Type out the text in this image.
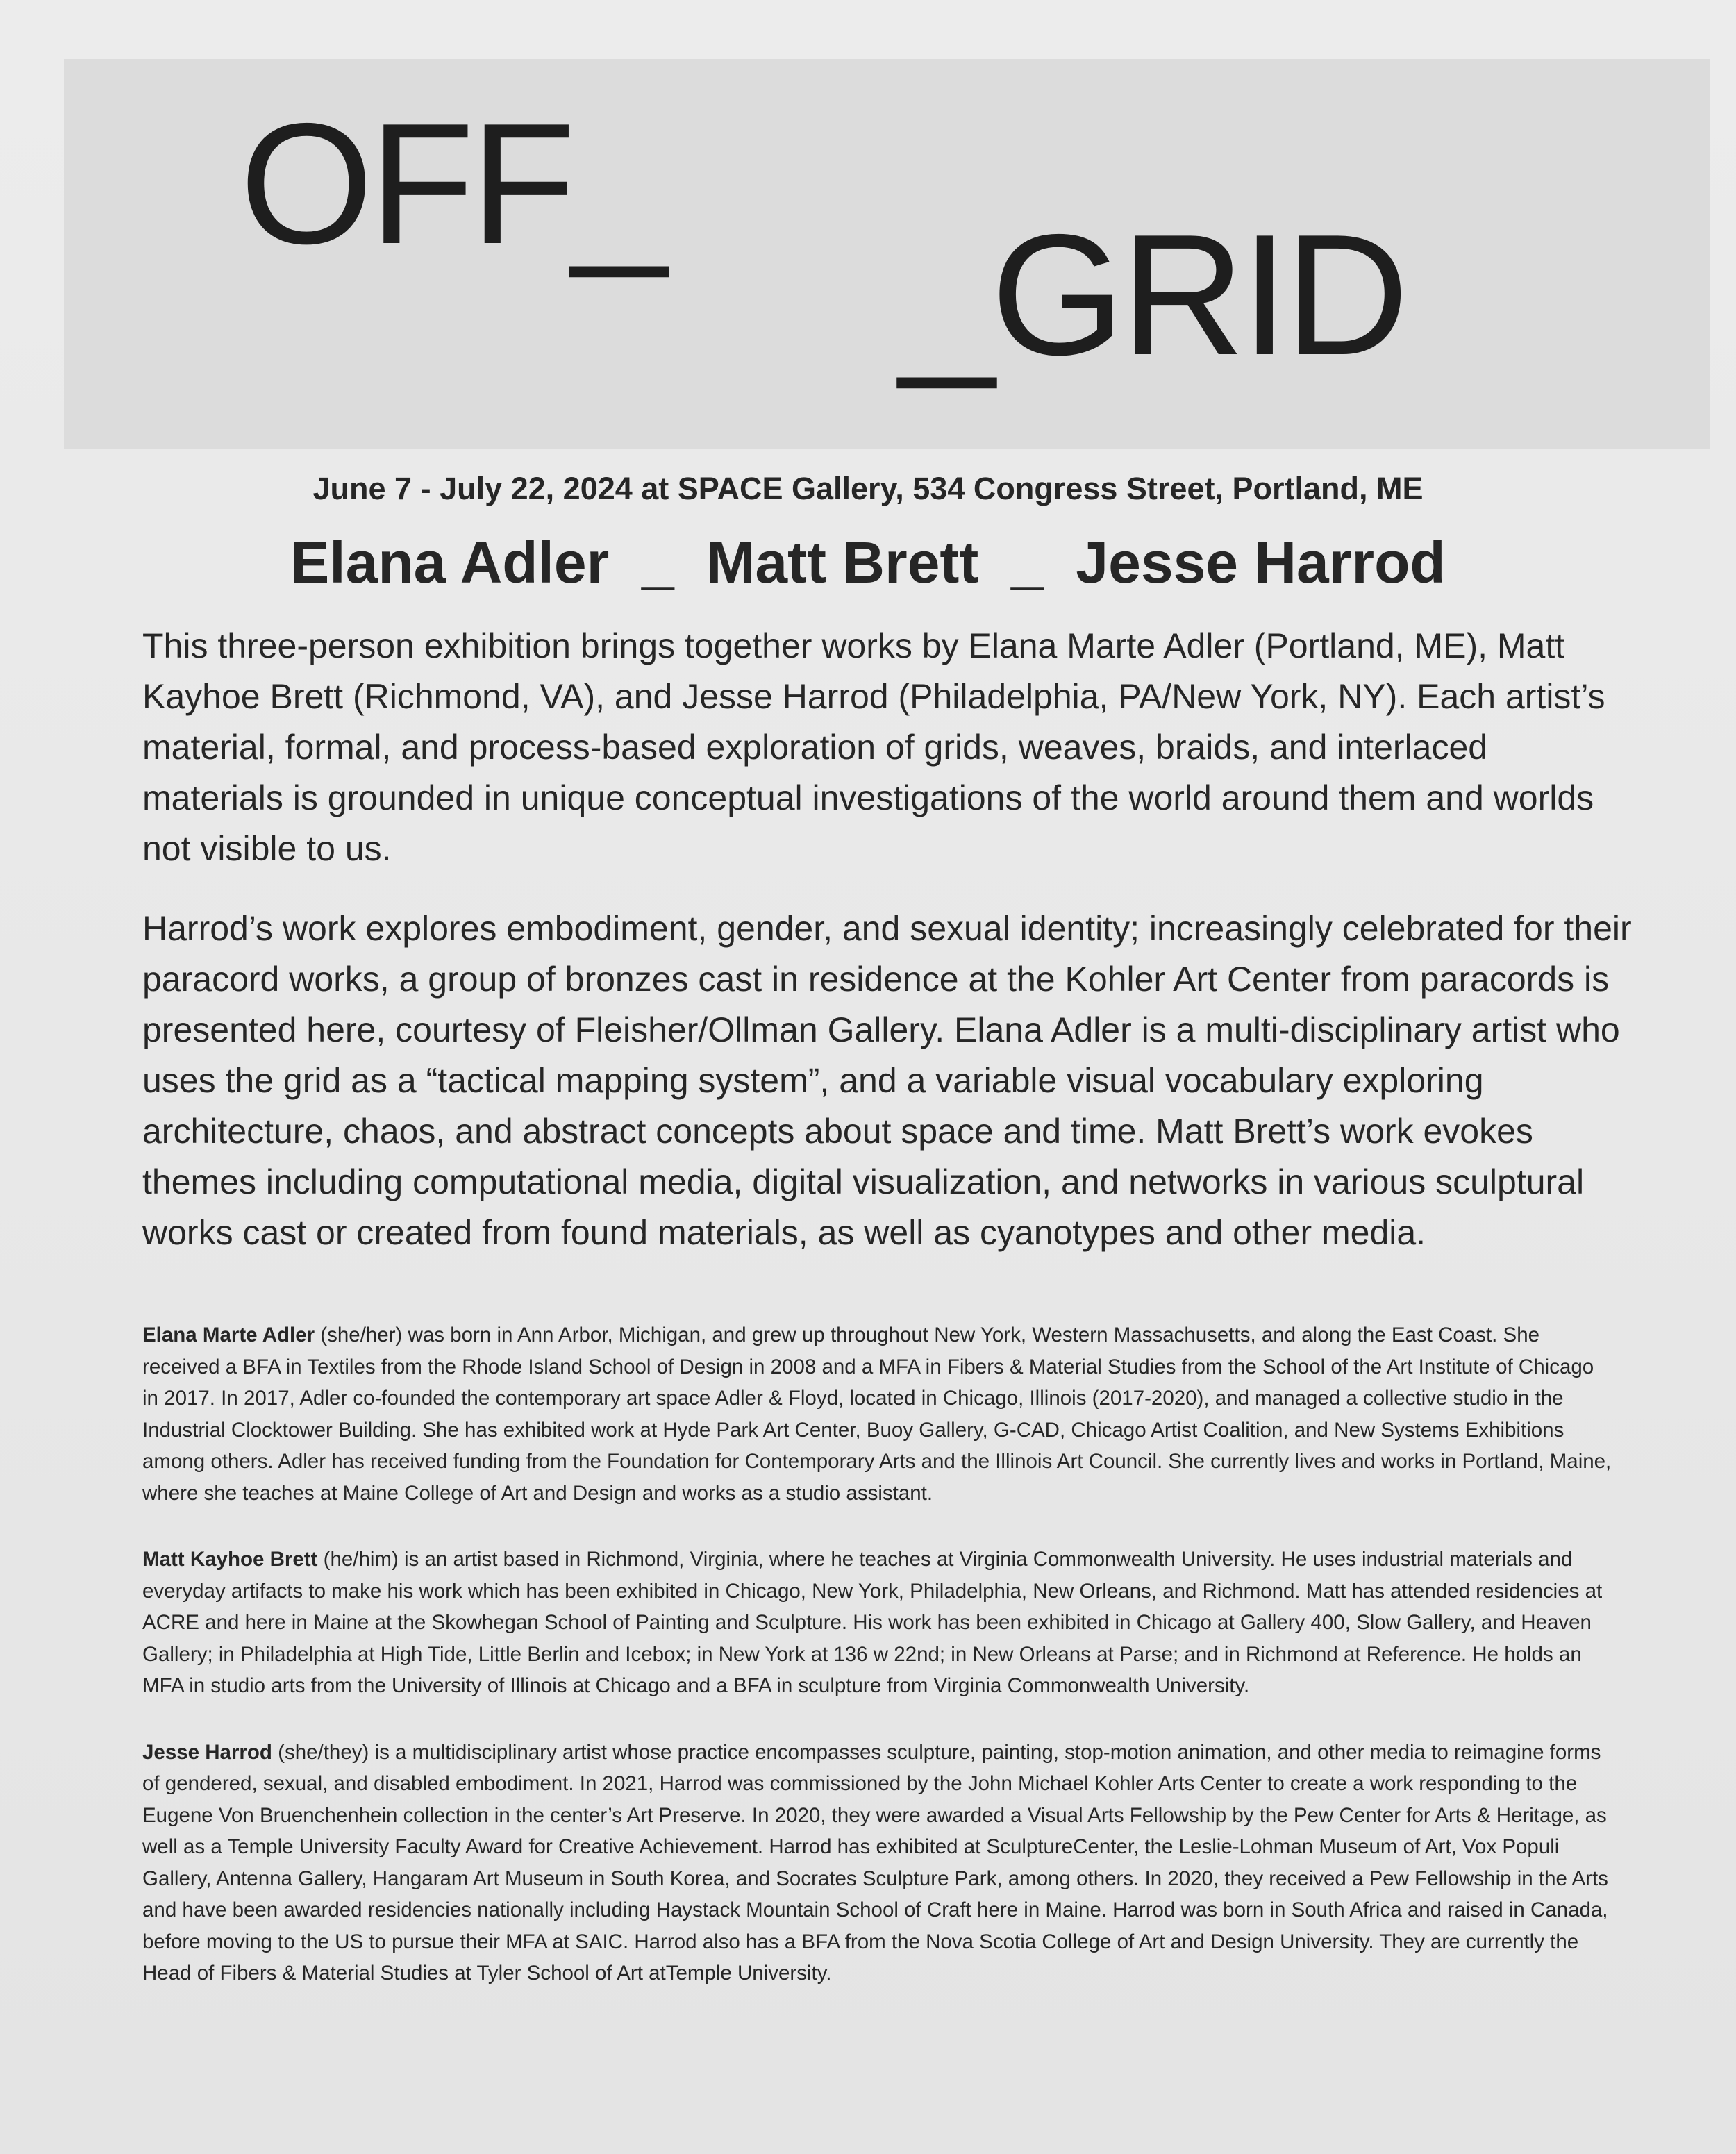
OFF_
_GRID
June 7 - July 22, 2024 at SPACE Gallery, 534 Congress Street, Portland, ME
Elana Adler  _  Matt Brett  _  Jesse Harrod

This three-person exhibition brings together works by Elana Marte Adler (Portland, ME), Matt Kayhoe Brett (Richmond, VA), and Jesse Harrod (Philadelphia, PA/New York, NY). Each artist’s material, formal, and process-based exploration of grids, weaves, braids, and interlaced materials is grounded in unique conceptual investigations of the world around them and worlds not visible to us.

Harrod’s work explores embodiment, gender, and sexual identity; increasingly celebrated for their paracord works, a group of bronzes cast in residence at the Kohler Art Center from paracords is presented here, courtesy of Fleisher/Ollman Gallery. Elana Adler is a multi-disciplinary artist who uses the grid as a “tactical mapping system”, and a variable visual vocabulary exploring architecture, chaos, and abstract concepts about space and time. Matt Brett’s work evokes themes including computational media, digital visualization, and networks in various sculptural works cast or created from found materials, as well as cyanotypes and other media.

Elana Marte Adler (she/her) was born in Ann Arbor, Michigan, and grew up throughout New York, Western Massachusetts, and along the East Coast. She received a BFA in Textiles from the Rhode Island School of Design in 2008 and a MFA in Fibers & Material Studies from the School of the Art Institute of Chicago in 2017. In 2017, Adler co-founded the contemporary art space Adler & Floyd, located in Chicago, Illinois (2017-2020), and managed a collective studio in the Industrial Clocktower Building. She has exhibited work at Hyde Park Art Center, Buoy Gallery, G-CAD, Chicago Artist Coalition, and New Systems Exhibitions among others. Adler has received funding from the Foundation for Contemporary Arts and the Illinois Art Council. She currently lives and works in Portland, Maine, where she teaches at Maine College of Art and Design and works as a studio assistant.

Matt Kayhoe Brett (he/him) is an artist based in Richmond, Virginia, where he teaches at Virginia Commonwealth University. He uses industrial materials and everyday artifacts to make his work which has been exhibited in Chicago, New York, Philadelphia, New Orleans, and Richmond. Matt has attended residencies at ACRE and here in Maine at the Skowhegan School of Painting and Sculpture. His work has been exhibited in Chicago at Gallery 400, Slow Gallery, and Heaven Gallery; in Philadelphia at High Tide, Little Berlin and Icebox; in New York at 136 w 22nd; in New Orleans at Parse; and in Richmond at Reference. He holds an MFA in studio arts from the University of Illinois at Chicago and a BFA in sculpture from Virginia Commonwealth University.

Jesse Harrod (she/they) is a multidisciplinary artist whose practice encompasses sculpture, painting, stop-motion animation, and other media to reimagine forms of gendered, sexual, and disabled embodiment. In 2021, Harrod was commissioned by the John Michael Kohler Arts Center to create a work responding to the Eugene Von Bruenchenhein collection in the center’s Art Preserve. In 2020, they were awarded a Visual Arts Fellowship by the Pew Center for Arts & Heritage, as well as a Temple University Faculty Award for Creative Achievement. Harrod has exhibited at SculptureCenter, the Leslie-Lohman Museum of Art, Vox Populi Gallery, Antenna Gallery, Hangaram Art Museum in South Korea, and Socrates Sculpture Park, among others. In 2020, they received a Pew Fellowship in the Arts and have been awarded residencies nationally including Haystack Mountain School of Craft here in Maine. Harrod was born in South Africa and raised in Canada, before moving to the US to pursue their MFA at SAIC. Harrod also has a BFA from the Nova Scotia College of Art and Design University. They are currently the Head of Fibers & Material Studies at Tyler School of Art atTemple University.
